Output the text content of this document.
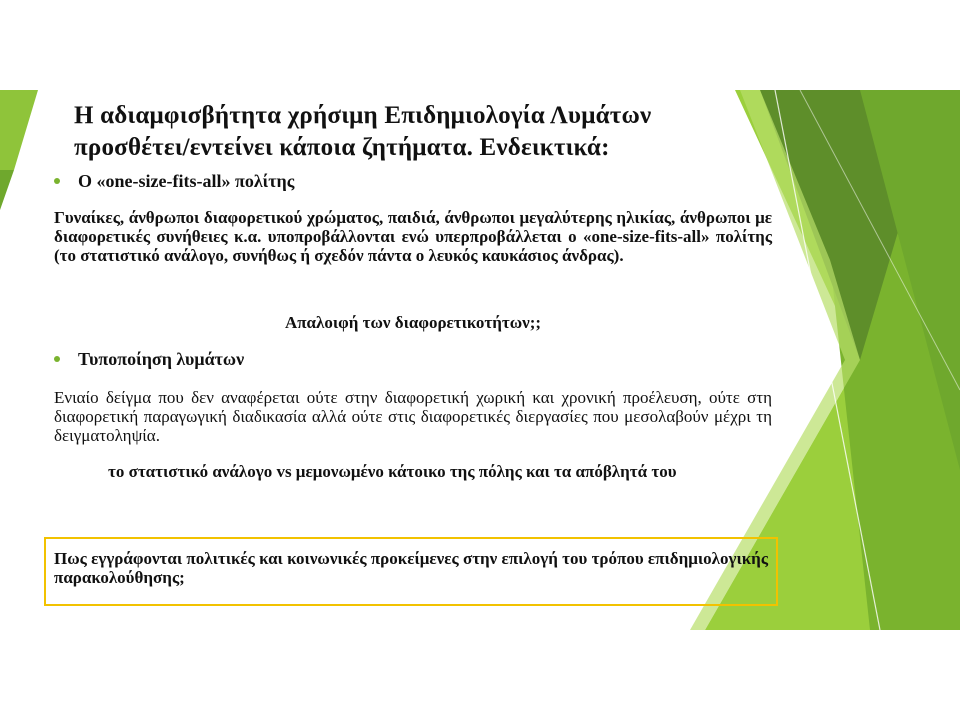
Η αδιαμφισβήτητα χρήσιμη Επιδημιολογία Λυμάτων προσθέτει/εντείνει κάποια ζητήματα. Ενδεικτικά:
O «one-size-fits-all» πολίτης
Γυναίκες, άνθρωποι διαφορετικού χρώματος, παιδιά, άνθρωποι μεγαλύτερης ηλικίας, άνθρωποι με διαφορετικές συνήθειες κ.α. υποπροβάλλονται ενώ υπερπροβάλλεται ο «one-size-fits-all» πολίτης (το στατιστικό ανάλογο, συνήθως ή σχεδόν πάντα ο λευκός καυκάσιος άνδρας).
Απαλοιφή των διαφορετικοτήτων;;
Τυποποίηση λυμάτων
Ενιαίο δείγμα που δεν αναφέρεται ούτε στην διαφορετική χωρική και χρονική προέλευση, ούτε στη διαφορετική παραγωγική διαδικασία αλλά ούτε στις διαφορετικές διεργασίες που μεσολαβούν μέχρι τη δειγματοληψία.
το στατιστικό ανάλογο vs μεμονωμένο κάτοικο της πόλης και τα απόβλητά του
Πως εγγράφονται πολιτικές και κοινωνικές προκείμενες στην επιλογή του τρόπου επιδημιολογικής παρακολούθησης;
